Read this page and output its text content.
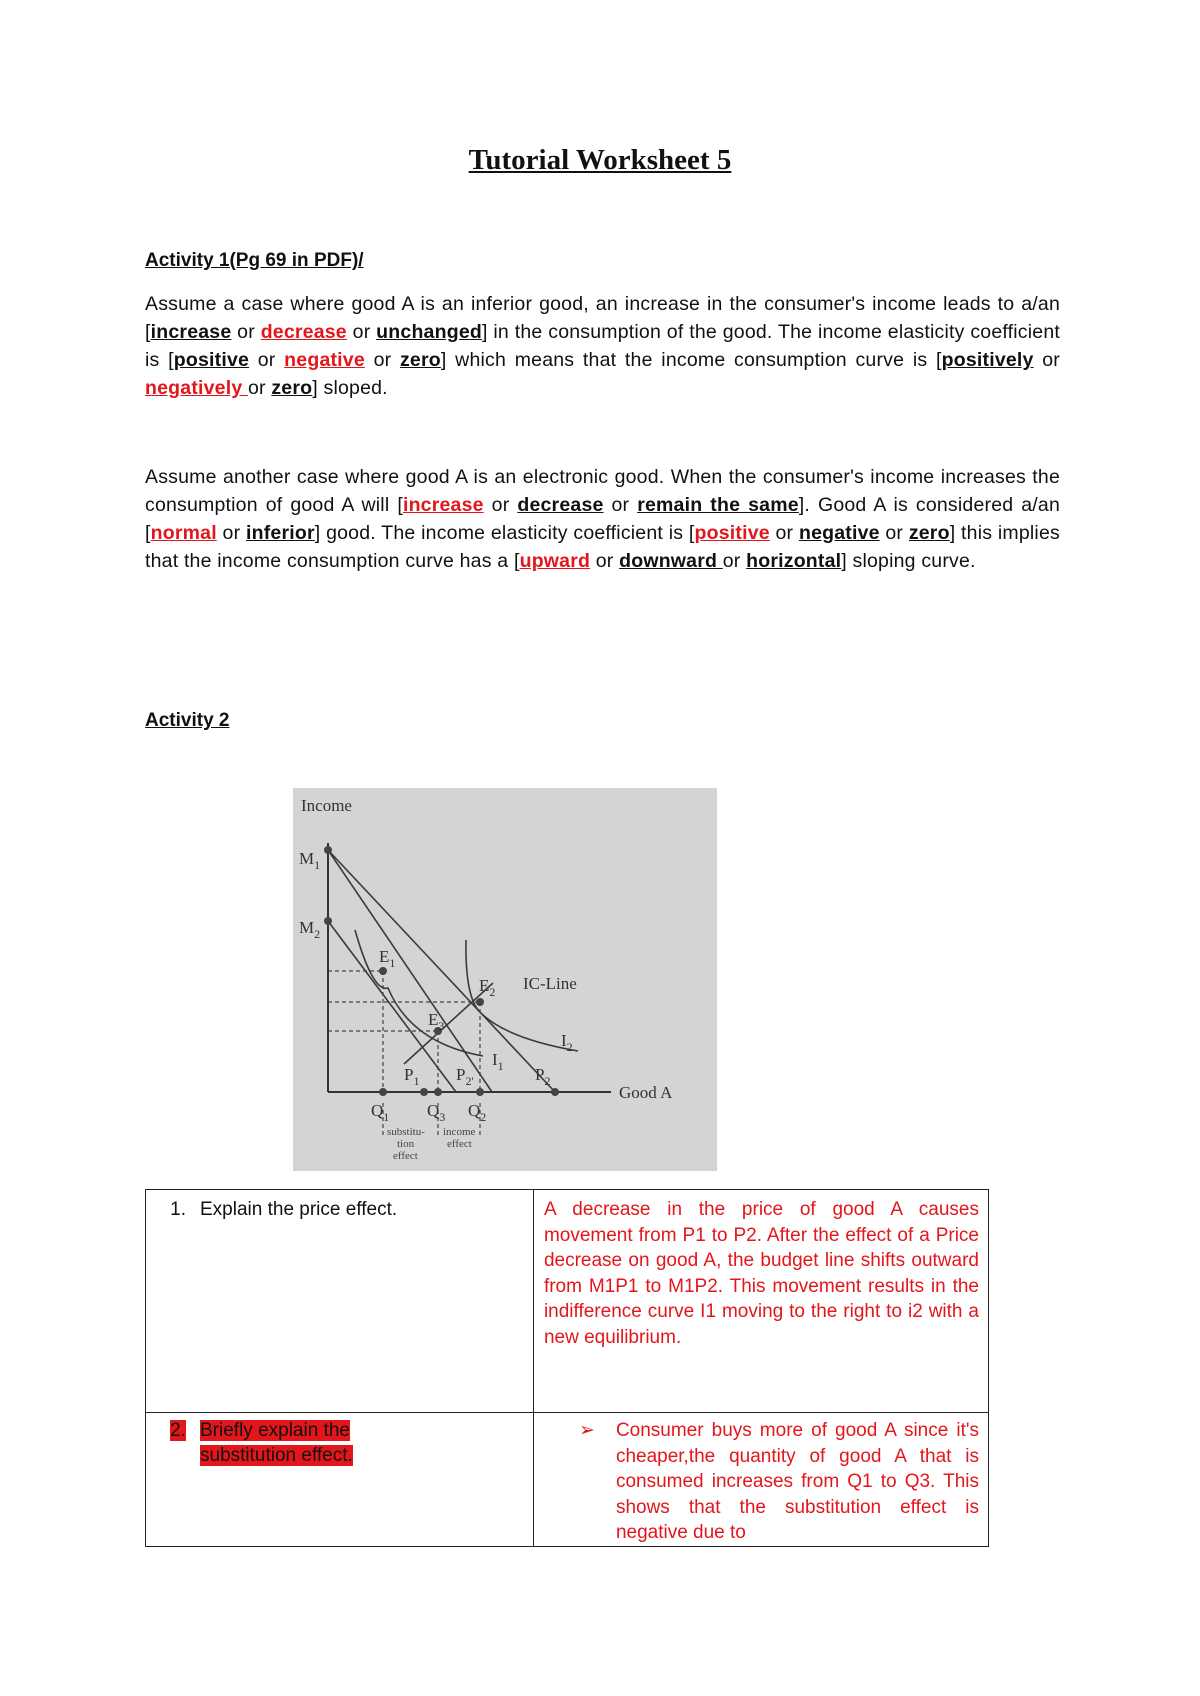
Tutorial Worksheet 5
Activity 1(Pg 69 in PDF)/
Assume a case where good A is an inferior good, an increase in the consumer's income leads to a/an [increase or decrease or unchanged] in the consumption of the good. The income elasticity coefficient is [positive or negative or zero] which means that the income consumption curve is [positively or negatively or zero] sloped.
Assume another case where good A is an electronic good. When the consumer's income increases the consumption of good A will [increase or decrease or remain the same]. Good A is considered a/an [normal or inferior] good. The income elasticity coefficient is [positive or negative or zero] this implies that the income consumption curve has a [upward or downward or horizontal] sloping curve.
Activity 2
Income
$M_1$
$M_2$
$E_1$
$E_2$
$E_3$
IC-Line
$I_1$
$I_2$
$P_1$ $P_{2'}$	$P_2$
Good A
$Q_1$ $Q_3$ $Q_2$
substitu-
tion
effect
income
effect
1. Explain the price effect.	A decrease in the price of good A causes movement from P1 to P2. After the effect of a Price decrease on good A, the budget line shifts outward from M1P1 to M1P2. This movement results in the indifference curve I1 moving to the right to i2 with a new equilibrium.

2. Briefly explain the
substitution effect.	➢ Consumer buys more of good A since it's cheaper,the quantity of good A that is consumed increases from Q1 to Q3. This shows that the substitution effect is negative due to
